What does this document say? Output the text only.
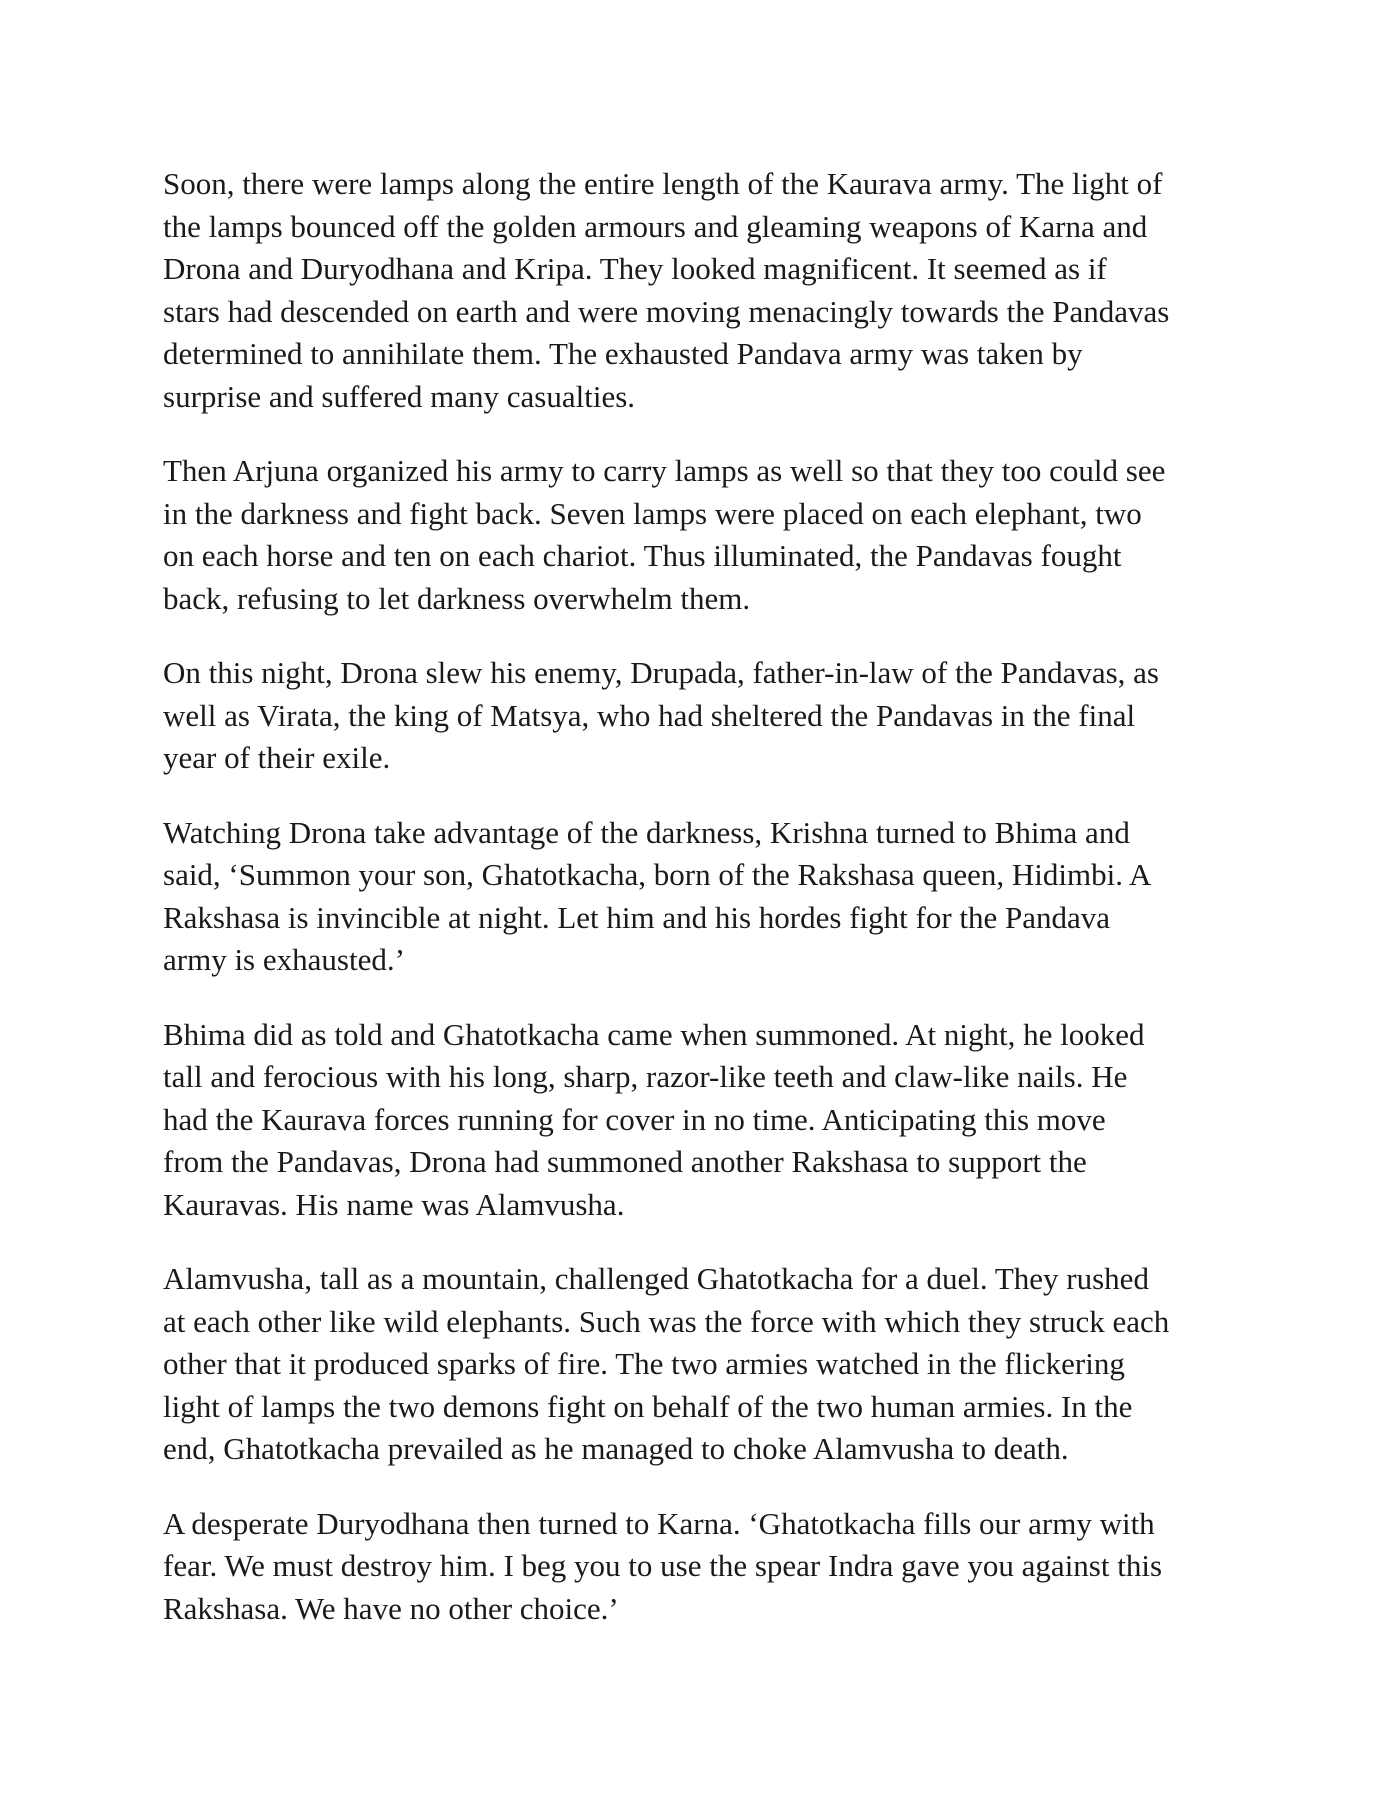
Soon, there were lamps along the entire length of the Kaurava army. The light of
the lamps bounced off the golden armours and gleaming weapons of Karna and
Drona and Duryodhana and Kripa. They looked magnificent. It seemed as if
stars had descended on earth and were moving menacingly towards the Pandavas
determined to annihilate them. The exhausted Pandava army was taken by
surprise and suffered many casualties.

Then Arjuna organized his army to carry lamps as well so that they too could see
in the darkness and fight back. Seven lamps were placed on each elephant, two
on each horse and ten on each chariot. Thus illuminated, the Pandavas fought
back, refusing to let darkness overwhelm them.

On this night, Drona slew his enemy, Drupada, father-in-law of the Pandavas, as
well as Virata, the king of Matsya, who had sheltered the Pandavas in the final
year of their exile.

Watching Drona take advantage of the darkness, Krishna turned to Bhima and
said, ‘Summon your son, Ghatotkacha, born of the Rakshasa queen, Hidimbi. A
Rakshasa is invincible at night. Let him and his hordes fight for the Pandava
army is exhausted.’

Bhima did as told and Ghatotkacha came when summoned. At night, he looked
tall and ferocious with his long, sharp, razor-like teeth and claw-like nails. He
had the Kaurava forces running for cover in no time. Anticipating this move
from the Pandavas, Drona had summoned another Rakshasa to support the
Kauravas. His name was Alamvusha.

Alamvusha, tall as a mountain, challenged Ghatotkacha for a duel. They rushed
at each other like wild elephants. Such was the force with which they struck each
other that it produced sparks of fire. The two armies watched in the flickering
light of lamps the two demons fight on behalf of the two human armies. In the
end, Ghatotkacha prevailed as he managed to choke Alamvusha to death.

A desperate Duryodhana then turned to Karna. ‘Ghatotkacha fills our army with
fear. We must destroy him. I beg you to use the spear Indra gave you against this
Rakshasa. We have no other choice.’
